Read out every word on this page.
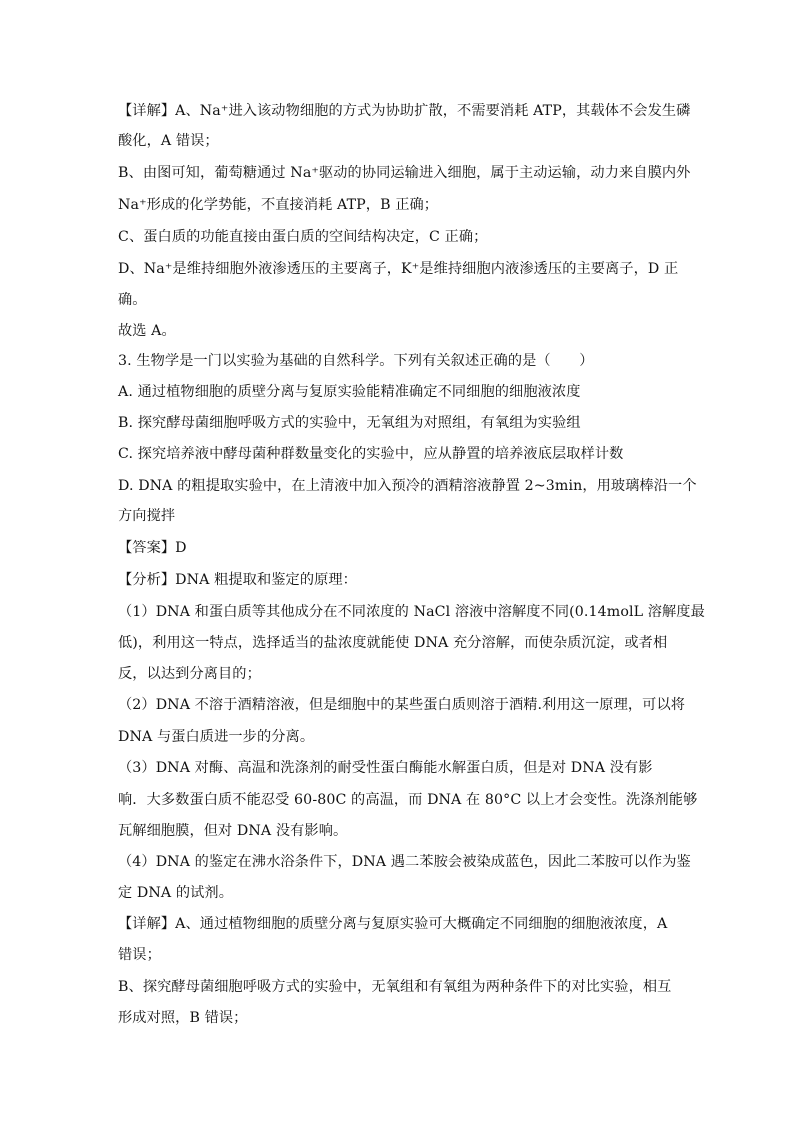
【详解】A、Na⁺进入该动物细胞的方式为协助扩散，不需要消耗 ATP，其载体不会发生磷
酸化，A 错误；
B、由图可知，葡萄糖通过 Na⁺驱动的协同运输进入细胞，属于主动运输，动力来自膜内外
Na⁺形成的化学势能，不直接消耗 ATP，B 正确；
C、蛋白质的功能直接由蛋白质的空间结构决定，C 正确；
D、Na⁺是维持细胞外液渗透压的主要离子，K⁺是维持细胞内液渗透压的主要离子，D 正
确。
故选 A。
3. 生物学是一门以实验为基础的自然科学。下列有关叙述正确的是（　　）
A. 通过植物细胞的质壁分离与复原实验能精准确定不同细胞的细胞液浓度
B. 探究酵母菌细胞呼吸方式的实验中，无氧组为对照组，有氧组为实验组
C. 探究培养液中酵母菌种群数量变化的实验中，应从静置的培养液底层取样计数
D. DNA 的粗提取实验中，在上清液中加入预冷的酒精溶液静置 2~3min，用玻璃棒沿一个
方向搅拌
【答案】D
【分析】DNA 粗提取和鉴定的原理：
（1）DNA 和蛋白质等其他成分在不同浓度的 NaCl 溶液中溶解度不同(0.14molL 溶解度最
低)，利用这一特点，选择适当的盐浓度就能使 DNA 充分溶解，而使杂质沉淀，或者相
反，以达到分离目的；
（2）DNA 不溶于酒精溶液，但是细胞中的某些蛋白质则溶于酒精.利用这一原理，可以将
DNA 与蛋白质进一步的分离。
（3）DNA 对酶、高温和洗涤剂的耐受性蛋白酶能水解蛋白质，但是对 DNA 没有影
响．大多数蛋白质不能忍受 60-80C 的高温，而 DNA 在 80°C 以上才会变性。洗涤剂能够
瓦解细胞膜，但对 DNA 没有影响。
（4）DNA 的鉴定在沸水浴条件下，DNA 遇二苯胺会被染成蓝色，因此二苯胺可以作为鉴
定 DNA 的试剂。
【详解】A、通过植物细胞的质壁分离与复原实验可大概确定不同细胞的细胞液浓度，A
错误；
B、探究酵母菌细胞呼吸方式的实验中，无氧组和有氧组为两种条件下的对比实验，相互
形成对照，B 错误；
